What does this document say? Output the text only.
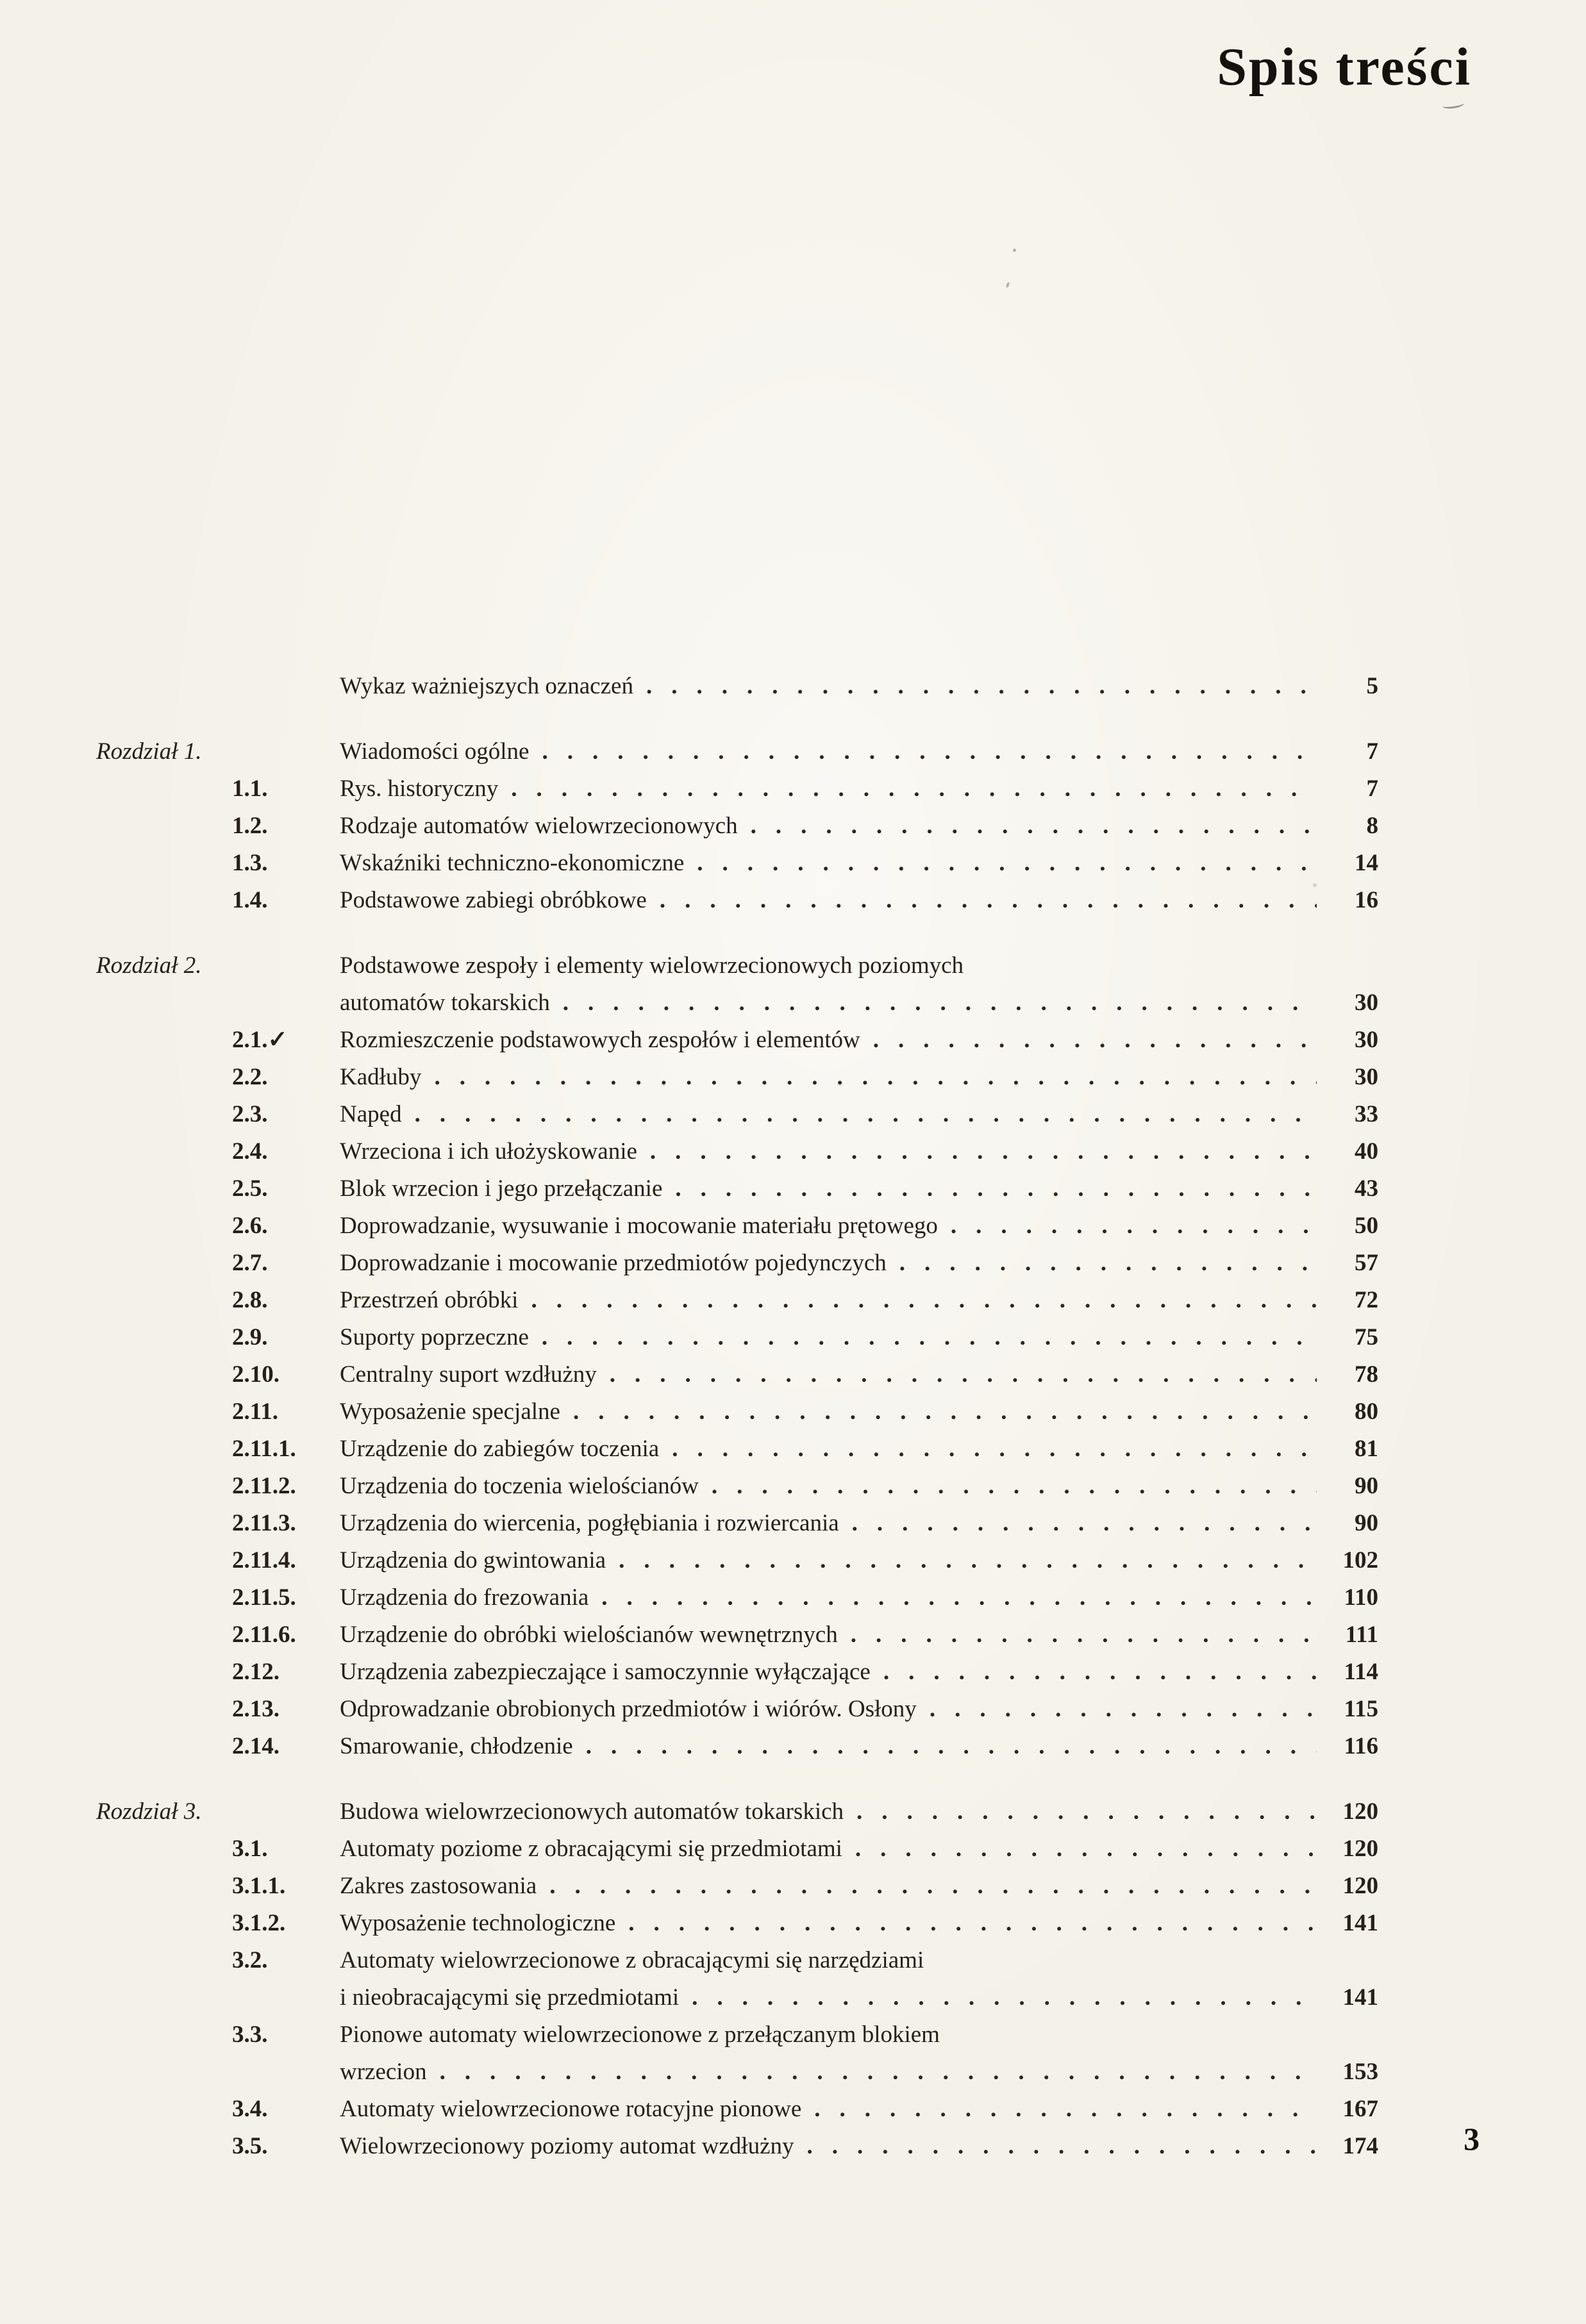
Spis treści
Wykaz ważniejszych oznaczeń .....	5
Rozdział 1.	Wiadomości ogólne .....	7
1.1.	Rys. historyczny .....	7
1.2.	Rodzaje automatów wielowrzecionowych .....	8
1.3.	Wskaźniki techniczno-ekonomiczne .....	14
1.4.	Podstawowe zabiegi obróbkowe .....	16
Rozdział 2.	Podstawowe zespoły i elementy wielowrzecionowych poziomych
automatów tokarskich .....	30
2.1.✓	Rozmieszczenie podstawowych zespołów i elementów .....	30
2.2.	Kadłuby .....	30
2.3.	Napęd .....	33
2.4.	Wrzeciona i ich ułożyskowanie .....	40
2.5.	Blok wrzecion i jego przełączanie .....	43
2.6.	Doprowadzanie, wysuwanie i mocowanie materiału prętowego .....	50
2.7.	Doprowadzanie i mocowanie przedmiotów pojedynczych .....	57
2.8.	Przestrzeń obróbki .....	72
2.9.	Suporty poprzeczne .....	75
2.10.	Centralny suport wzdłużny .....	78
2.11.	Wyposażenie specjalne .....	80
2.11.1.	Urządzenie do zabiegów toczenia .....	81
2.11.2.	Urządzenia do toczenia wielościanów .....	90
2.11.3.	Urządzenia do wiercenia, pogłębiania i rozwiercania .....	90
2.11.4.	Urządzenia do gwintowania .....	102
2.11.5.	Urządzenia do frezowania .....	110
2.11.6.	Urządzenie do obróbki wielościanów wewnętrznych .....	111
2.12.	Urządzenia zabezpieczające i samoczynnie wyłączające .....	114
2.13.	Odprowadzanie obrobionych przedmiotów i wiórów. Osłony .....	115
2.14.	Smarowanie, chłodzenie .....	116
Rozdział 3.	Budowa wielowrzecionowych automatów tokarskich .....	120
3.1.	Automaty poziome z obracającymi się przedmiotami .....	120
3.1.1.	Zakres zastosowania .....	120
3.1.2.	Wyposażenie technologiczne .....	141
3.2.	Automaty wielowrzecionowe z obracającymi się narzędziami
i nieobracającymi się przedmiotami .....	141
3.3.	Pionowe automaty wielowrzecionowe z przełączanym blokiem
wrzecion .....	153
3.4.	Automaty wielowrzecionowe rotacyjne pionowe .....	167
3.5.	Wielowrzecionowy poziomy automat wzdłużny .....	174	3
